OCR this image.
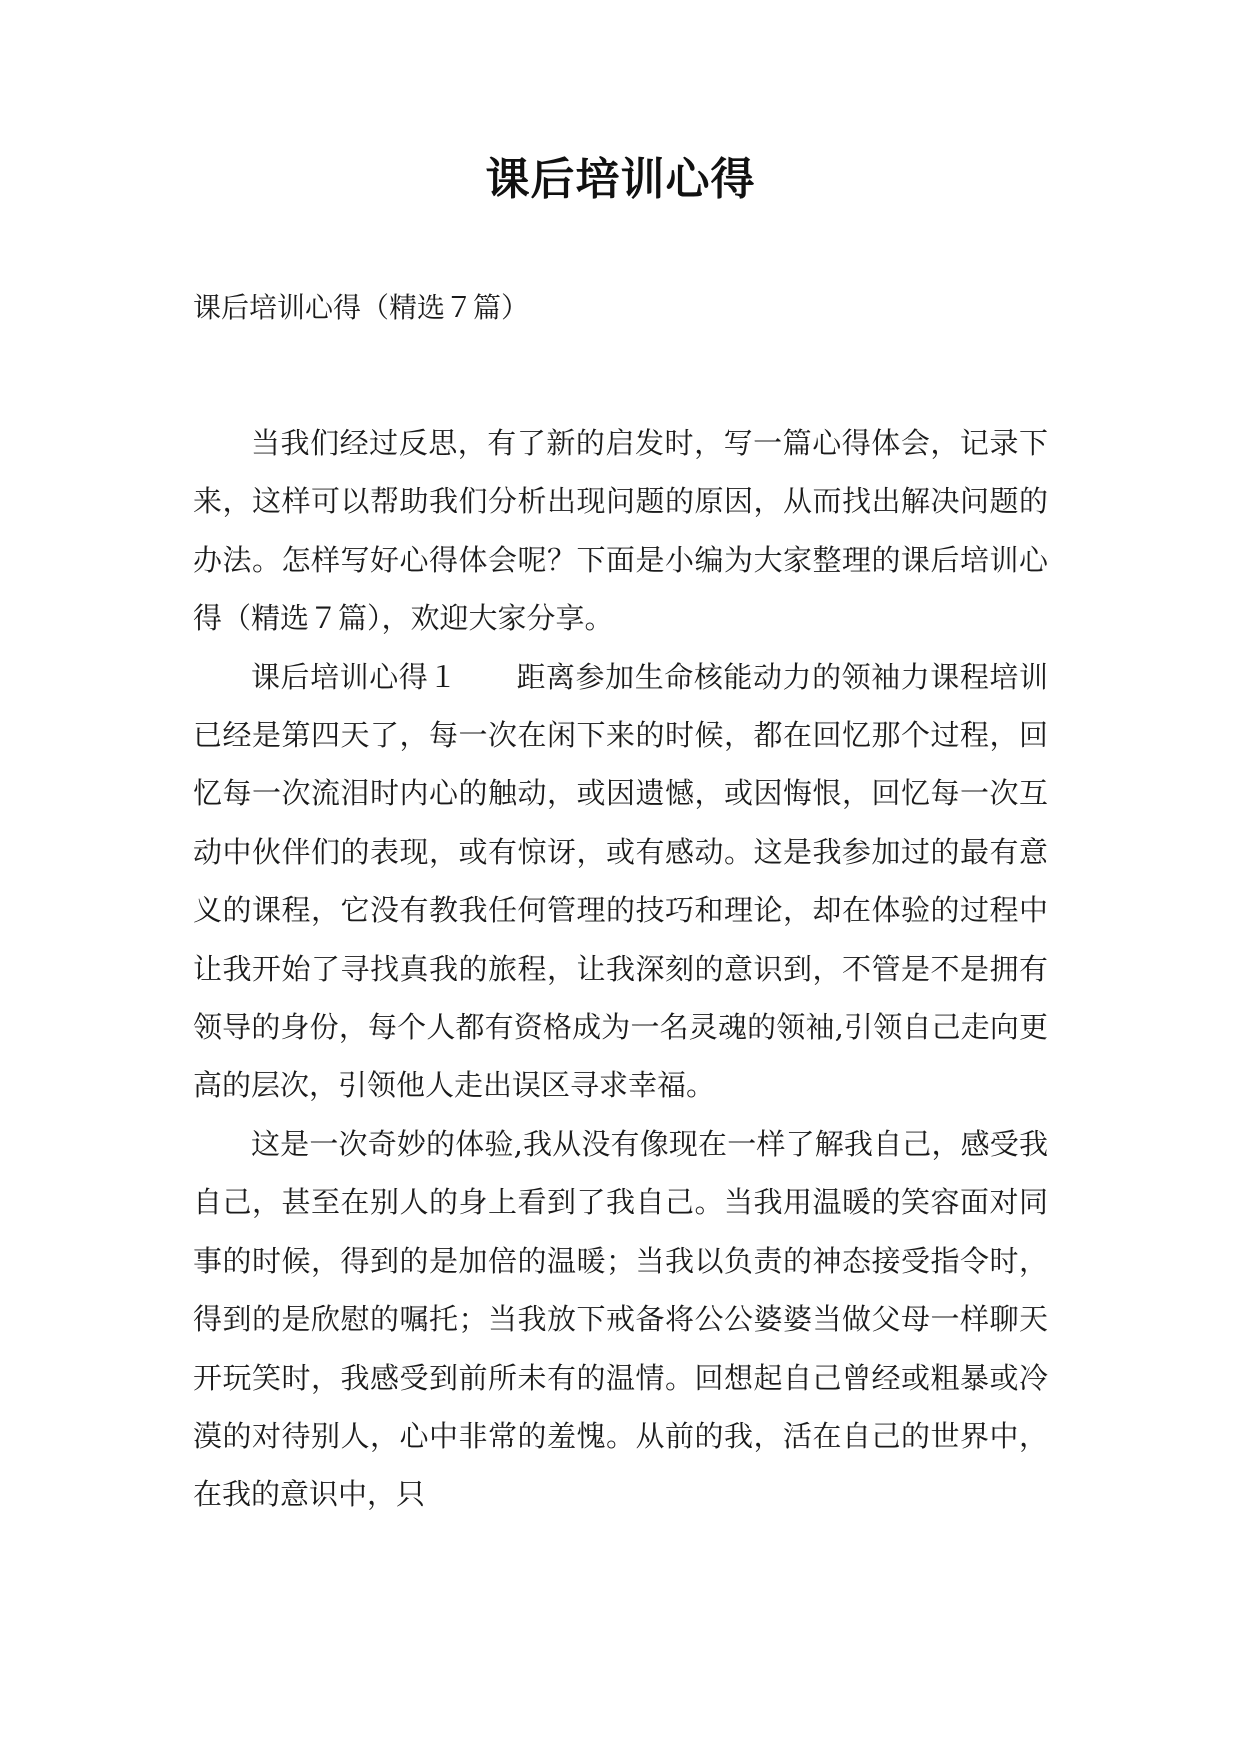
课后培训心得
课后培训心得（精选７篇）

当我们经过反思，有了新的启发时，写一篇心得体会，记录下来，这样可以帮助我们分析出现问题的原因，从而找出解决问题的办法。怎样写好心得体会呢？下面是小编为大家整理的课后培训心得（精选７篇），欢迎大家分享。

课后培训心得１ 距离参加生命核能动力的领袖力课程培训已经是第四天了，每一次在闲下来的时候，都在回忆那个过程，回忆每一次流泪时内心的触动，或因遗憾，或因悔恨，回忆每一次互动中伙伴们的表现，或有惊讶，或有感动。这是我参加过的最有意义的课程，它没有教我任何管理的技巧和理论，却在体验的过程中让我开始了寻找真我的旅程，让我深刻的意识到，不管是不是拥有领导的身份，每个人都有资格成为一名灵魂的领袖,引领自己走向更高的层次，引领他人走出误区寻求幸福。

这是一次奇妙的体验,我从没有像现在一样了解我自己，感受我自己，甚至在别人的身上看到了我自己。当我用温暖的笑容面对同事的时候，得到的是加倍的温暖；当我以负责的神态接受指令时，得到的是欣慰的嘱托；当我放下戒备将公公婆婆当做父母一样聊天开玩笑时，我感受到前所未有的温情。回想起自己曾经或粗暴或冷漠的对待别人，心中非常的羞愧。从前的我，活在自己的世界中，在我的意识中，只
